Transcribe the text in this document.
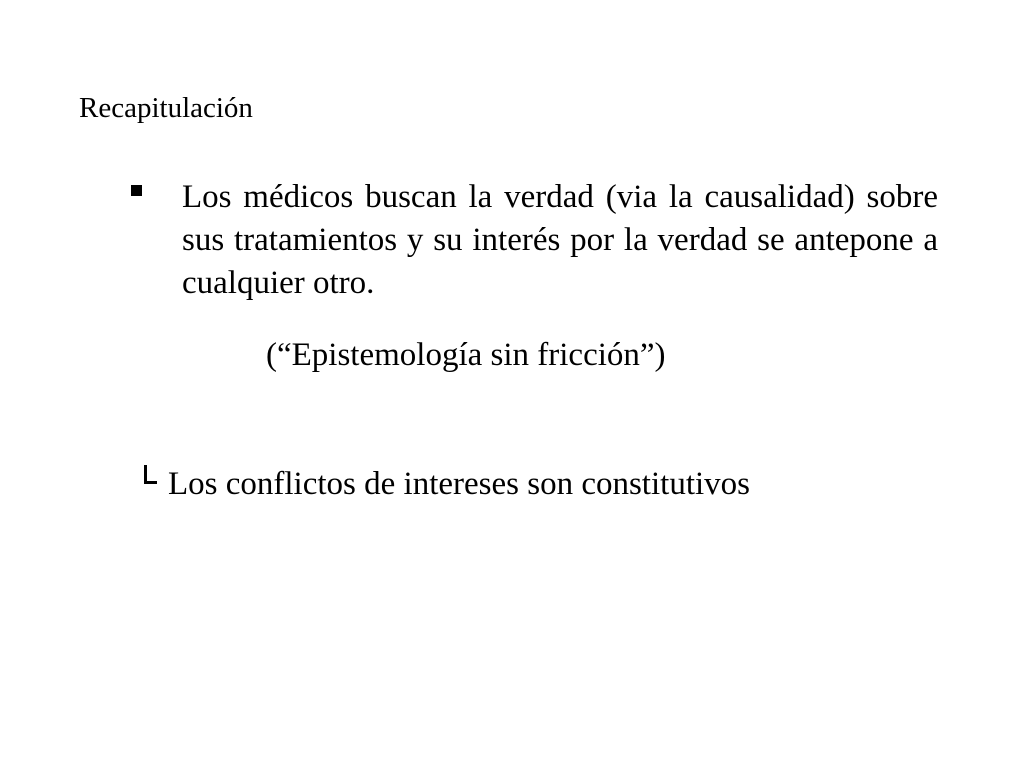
Recapitulación
Los médicos buscan la verdad (via la causalidad) sobre sus tratamientos y su interés por la verdad se antepone a cualquier otro.
(“Epistemología sin fricción”)
Los conflictos de intereses son constitutivos
